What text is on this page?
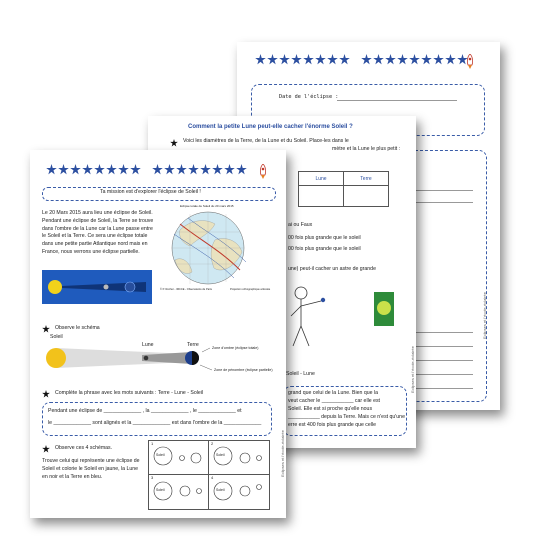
Date de l'éclipse :
Eclipses et l'école-éclairée
Comment la petite Lune peut-elle cacher l'énorme Soleil ?
Voici les diamètres de la Terre, de la Lune et du Soleil. Place-les dans le
mètre et la Lune le plus petit :
Lune	Terre

ai ou Faux
00 fois plus grande que le soleil
00 fois plus grande que le soleil
une) peut-il cacher un astre de grande
Soleil - Lune
grand que celui de la Lune. Bien que la
veut cacher le ___________ car elle est
Soleil. Elle est si proche qu'elle nous
___________ depuis la Terre. Mais ce n'est qu'une
erre est 400 fois plus grande que celle
Eclipses et l'école-éclairée
Ta mission est d'explorer l'éclipse de Soleil !
Le 20 Mars 2015 aura lieu une éclipse de Soleil. Pendant une éclipse de Soleil, la Terre se trouve dans l'ombre de la Lune car la Lune passe entre le Soleil et la Terre. Ce sera une éclipse totale dans une petite partie Atlantique nord mais en France, nous verrons une éclipse partielle.
Eclipse totale de Soleil du 20 mars 2015
© P. Rocher - IMCCE - Observatoire de Paris	Projection orthographique articulée
Observe le schéma
Soleil
Lune	Terre	Zone d'ombre (éclipse totale)
Zone de pénombre (éclipse partielle)
Complète la phrase avec les mots suivants : Terre - Lune - Soleil
Pendant une éclipse de _____________ , la _____________ , le _____________ et
le _____________ sont alignés et la _____________ est dans l'ombre de la _____________
Observe ces 4 schémas.
Trouve celui qui représente une éclipse de Soleil et colorie le Soleil en jaune, la Lune en noir et la Terre en bleu.
1	2
3	4
Soleil	Soleil
Soleil	Soleil
Eclipses et l'école-éclairée
